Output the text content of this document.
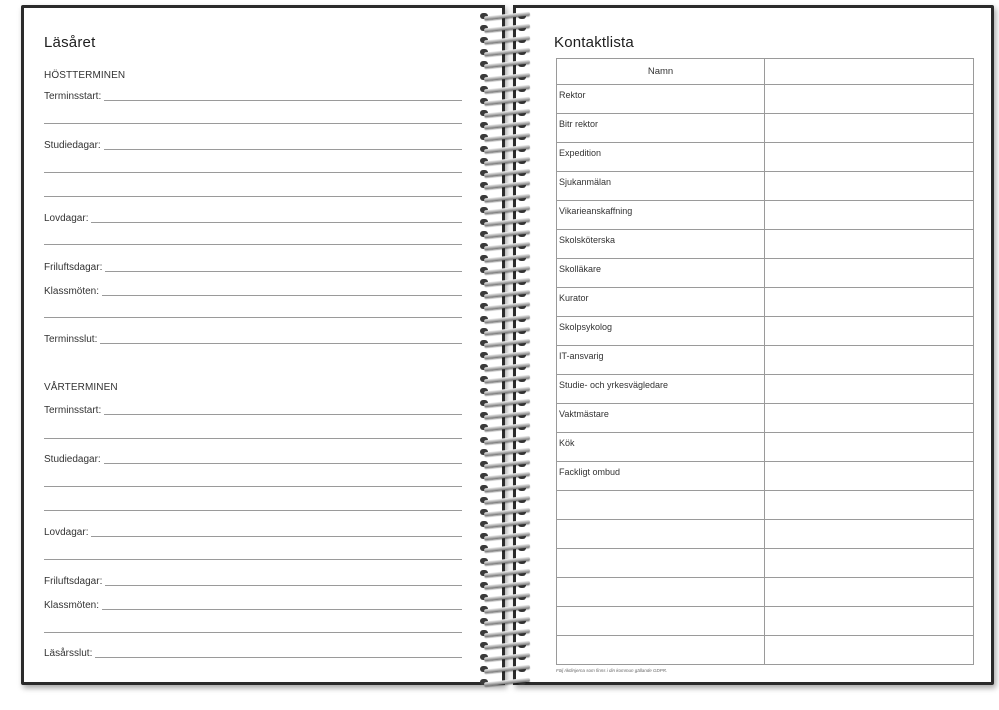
Läsåret
HÖSTTERMINEN
Terminsstart:
Studiedagar:
Lovdagar:
Friluftsdagar:
Klassmöten:
Terminsslut:
VÅRTERMINEN
Terminsstart:
Studiedagar:
Lovdagar:
Friluftsdagar:
Klassmöten:
Läsårsslut:
Kontaktlista
Namn	
Rektor	
Bitr rektor	
Expedition	
Sjukanmälan	
Vikarieanskaffning	
Skolsköterska	
Skolläkare	
Kurator	
Skolpsykolog	
IT-ansvarig	
Studie- och yrkesvägledare	
Vaktmästare	
Kök	
Fackligt ombud	

Följ riktlinjerna som finns i din kommun gällande GDPR.
